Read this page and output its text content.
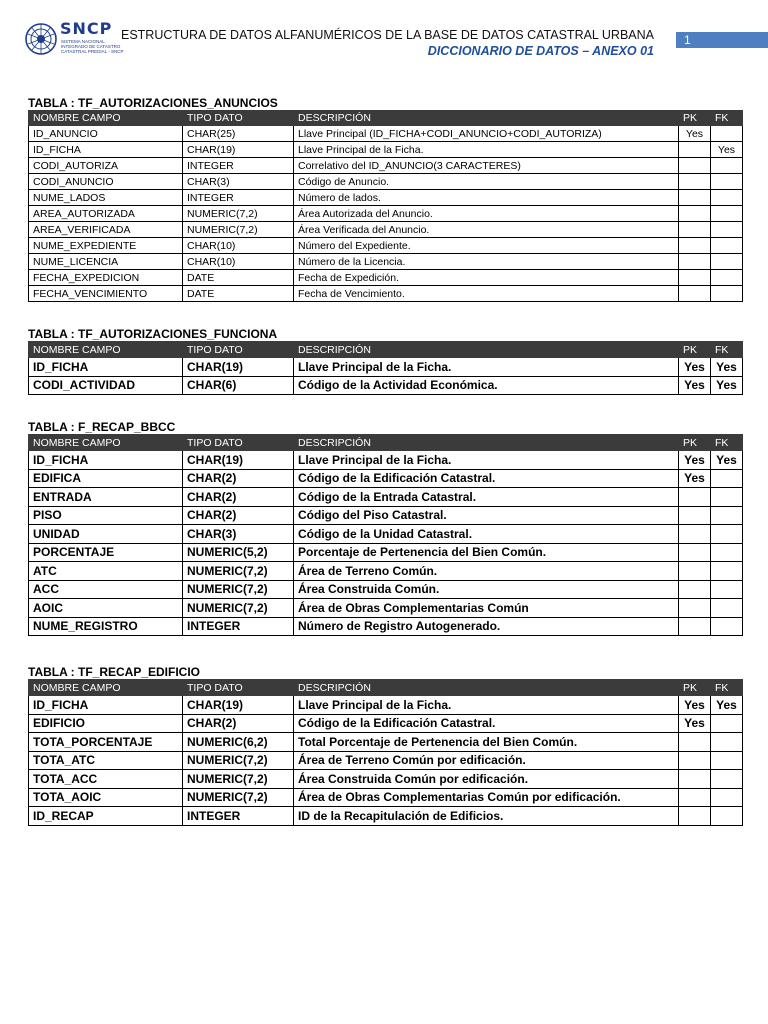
SNCP
SISTEMA NACIONAL
INTEGRADO DE CATASTRO
CATASTRAL PREDIAL - SNCP
ESTRUCTURA DE DATOS ALFANUMÉRICOS DE LA BASE DE DATOS CATASTRAL URBANA
DICCIONARIO DE DATOS – ANEXO 01
1
TABLA : TF_AUTORIZACIONES_ANUNCIOS
NOMBRE CAMPO	TIPO DATO	DESCRIPCIÓN	PK	FK
ID_ANUNCIO	CHAR(25)	Llave Principal (ID_FICHA+CODI_ANUNCIO+CODI_AUTORIZA)	Yes	
ID_FICHA	CHAR(19)	Llave Principal de la Ficha.		Yes
CODI_AUTORIZA	INTEGER	Correlativo del ID_ANUNCIO(3 CARACTERES)		
CODI_ANUNCIO	CHAR(3)	Código de Anuncio.		
NUME_LADOS	INTEGER	Número de lados.		
AREA_AUTORIZADA	NUMERIC(7,2)	Área Autorizada del Anuncio.		
AREA_VERIFICADA	NUMERIC(7,2)	Área Verificada del Anuncio.		
NUME_EXPEDIENTE	CHAR(10)	Número del Expediente.		
NUME_LICENCIA	CHAR(10)	Número de la Licencia.		
FECHA_EXPEDICION	DATE	Fecha de Expedición.		
FECHA_VENCIMIENTO	DATE	Fecha de Vencimiento.		
TABLA : TF_AUTORIZACIONES_FUNCIONA
NOMBRE CAMPO	TIPO DATO	DESCRIPCIÓN	PK	FK
ID_FICHA	CHAR(19)	Llave Principal de la Ficha.	Yes	Yes
CODI_ACTIVIDAD	CHAR(6)	Código de la Actividad Económica.	Yes	Yes
TABLA : F_RECAP_BBCC
NOMBRE CAMPO	TIPO DATO	DESCRIPCIÓN	PK	FK
ID_FICHA	CHAR(19)	Llave Principal de la Ficha.	Yes	Yes
EDIFICA	CHAR(2)	Código de la Edificación Catastral.	Yes	
ENTRADA	CHAR(2)	Código de la Entrada Catastral.		
PISO	CHAR(2)	Código del Piso Catastral.		
UNIDAD	CHAR(3)	Código de la Unidad Catastral.		
PORCENTAJE	NUMERIC(5,2)	Porcentaje de Pertenencia del Bien Común.		
ATC	NUMERIC(7,2)	Área de Terreno Común.		
ACC	NUMERIC(7,2)	Área Construida Común.		
AOIC	NUMERIC(7,2)	Área de Obras Complementarias Común		
NUME_REGISTRO	INTEGER	Número de Registro Autogenerado.		
TABLA : TF_RECAP_EDIFICIO
NOMBRE CAMPO	TIPO DATO	DESCRIPCIÓN	PK	FK
ID_FICHA	CHAR(19)	Llave Principal de la Ficha.	Yes	Yes
EDIFICIO	CHAR(2)	Código de la Edificación Catastral.	Yes	
TOTA_PORCENTAJE	NUMERIC(6,2)	Total Porcentaje de Pertenencia del Bien Común.		
TOTA_ATC	NUMERIC(7,2)	Área de Terreno Común por edificación.		
TOTA_ACC	NUMERIC(7,2)	Área Construida Común por edificación.		
TOTA_AOIC	NUMERIC(7,2)	Área de Obras Complementarias Común por edificación.		
ID_RECAP	INTEGER	ID de la Recapitulación de Edificios.		
